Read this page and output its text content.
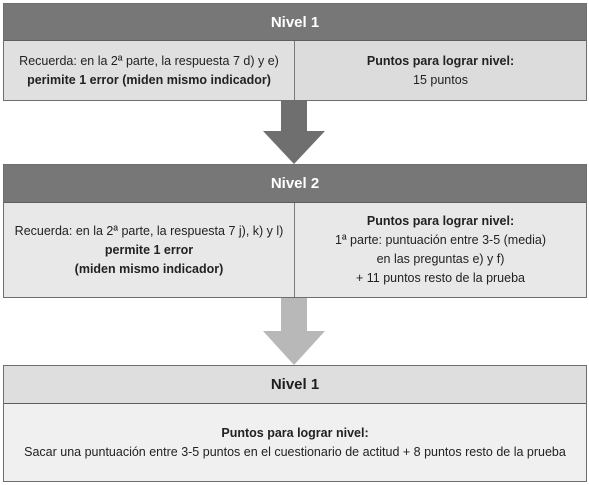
Nivel 1
Recuerda: en la 2ª parte, la respuesta 7 d) y e)
perimite 1 error (miden mismo indicador)
Puntos para lograr nivel:
15 puntos
Nivel 2
Recuerda: en la 2ª parte, la respuesta 7 j), k) y l)
permite 1 error
(miden mismo indicador)
Puntos para lograr nivel:
1ª parte: puntuación entre 3-5 (media)
en las preguntas e) y f)
+ 11 puntos resto de la prueba
Nivel 1
Puntos para lograr nivel:
Sacar una puntuación entre 3-5 puntos en el cuestionario de actitud + 8 puntos resto de la prueba
